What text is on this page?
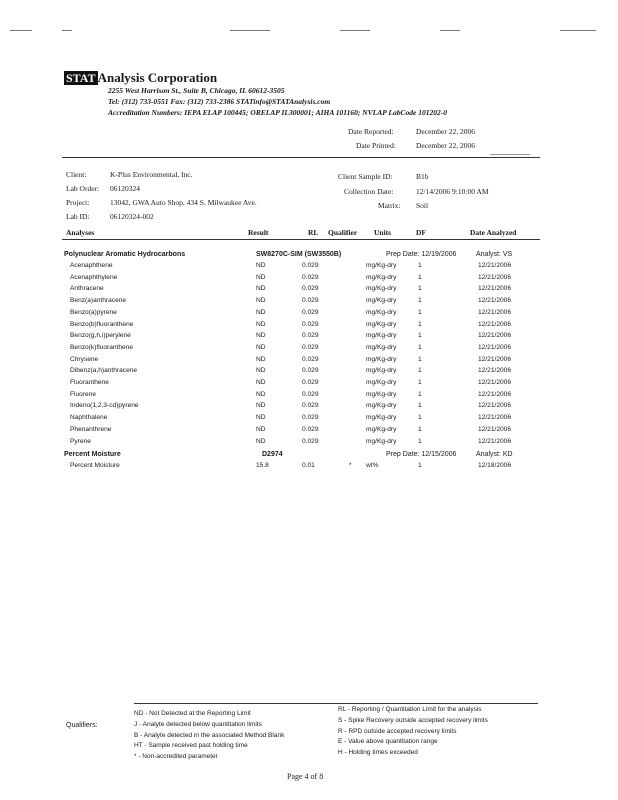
STAT Analysis Corporation
2255 West Harrison St., Suite B, Chicago, IL 60612-3505
Tel: (312) 733-0551 Fax: (312) 733-2386 STATinfo@STATAnalysis.com
Accreditation Numbers: IEPA ELAP 100445; ORELAP IL300001; AIHA 101160; NVLAP LabCode 101202-0
Date Reported:	December 22, 2006
Date Printed:	December 22, 2006
Client:	K-Plus Environmental, Inc.
Lab Order: 06120324
Project:	13042, GWA Auto Shop, 434 S. Milwaukee Ave.
Lab ID:	06120324-002
Client Sample ID:	B1b
Collection Date:	12/14/2006 9:10:00 AM
Matrix: Soil
Analyses	Result	RL Qualifier Units	DF	Date Analyzed
Polynuclear Aromatic Hydrocarbons	SW8270C-SIM (SW3550B)	Prep Date: 12/19/2006	Analyst: VS
Acenaphthene	ND	0.029	mg/Kg-dry	1	12/21/2006
Acenaphthylene	ND	0.029	mg/Kg-dry	1	12/21/2006
Anthracene	ND	0.029	mg/Kg-dry	1	12/21/2006
Benz(a)anthracene	ND	0.029	mg/Kg-dry	1	12/21/2006
Benzo(a)pyrene	ND	0.029	mg/Kg-dry	1	12/21/2006
Benzo(b)fluoranthene	ND	0.029	mg/Kg-dry	1	12/21/2006
Benzo(g,h,i)perylene	ND	0.029	mg/Kg-dry	1	12/21/2006
Benzo(k)fluoranthene	ND	0.029	mg/Kg-dry	1	12/21/2006
Chrysene	ND	0.029	mg/Kg-dry	1	12/21/2006
Dibenz(a,h)anthracene	ND	0.029	mg/Kg-dry	1	12/21/2006
Fluoranthene	ND	0.029	mg/Kg-dry	1	12/21/2006
Fluorene	ND	0.029	mg/Kg-dry	1	12/21/2006
Indeno(1,2,3-cd)pyrene	ND	0.029	mg/Kg-dry	1	12/21/2006
Naphthalene	ND	0.029	mg/Kg-dry	1	12/21/2006
Phenanthrene	ND	0.029	mg/Kg-dry	1	12/21/2006
Pyrene	ND	0.029	mg/Kg-dry	1	12/21/2006
Percent Moisture	D2974	Prep Date: 12/15/2006	Analyst: KD
Percent Moisture	15.8	0.01	* wt%	1	12/18/2006
Qualifiers:
ND - Not Detected at the Reporting Limit
J - Analyte detected below quantitation limits
B - Analyte detected in the associated Method Blank
HT - Sample received past holding time
* - Non-accredited parameter
RL - Reporting / Quantitation Limit for the analysis
S - Spike Recovery outside accepted recovery limits
R - RPD outside accepted recovery limits
E - Value above quantitation range
H - Holding times exceeded
Page 4 of 8
